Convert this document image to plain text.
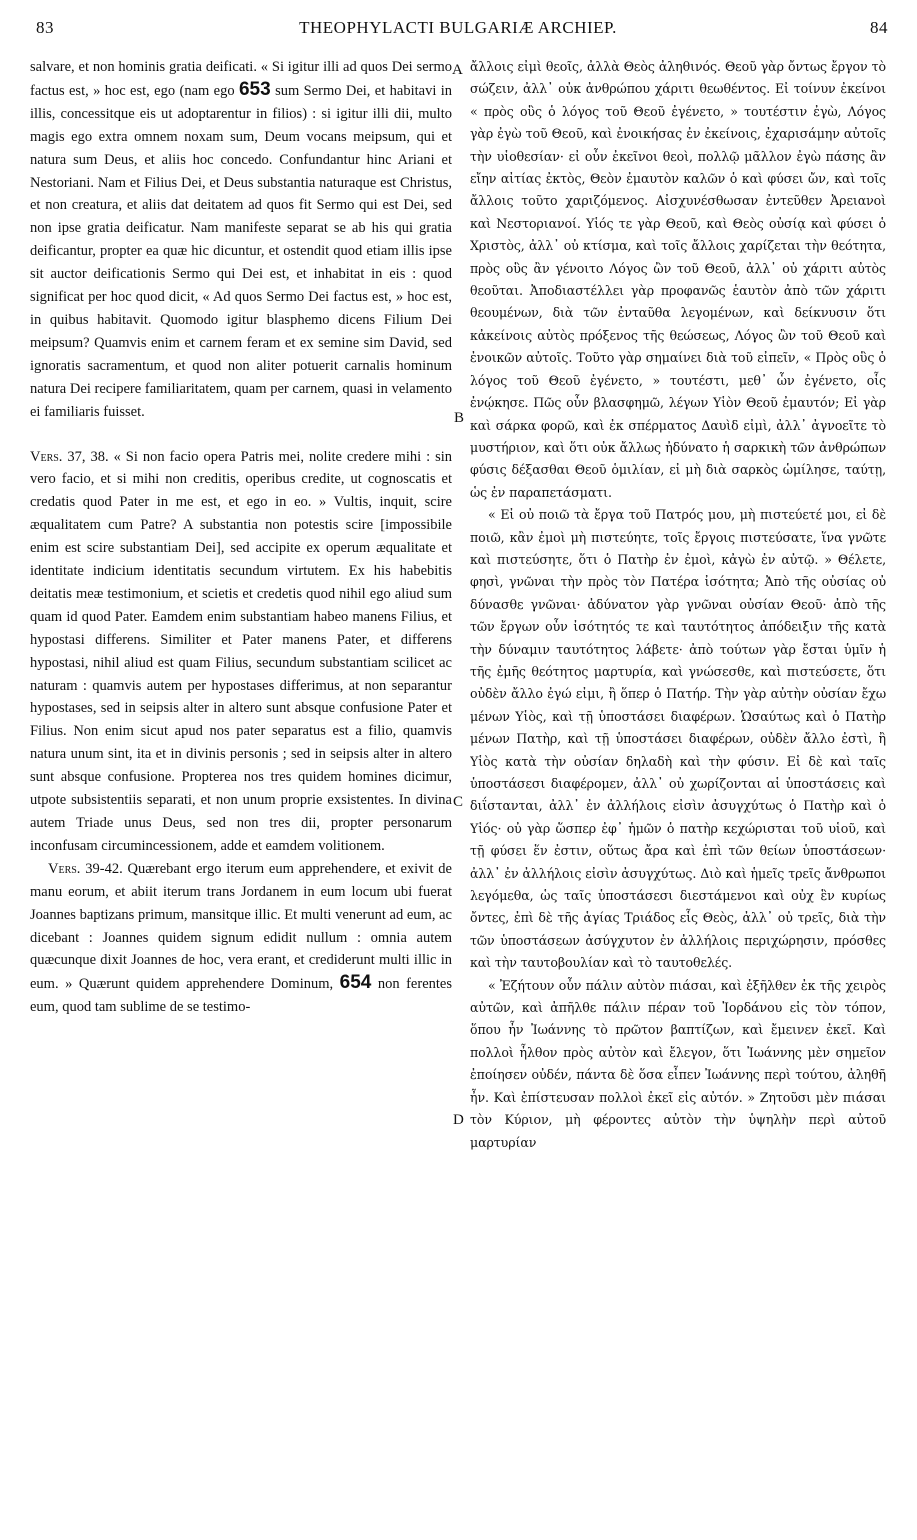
83	THEOPHYLACTI BULGARIÆ ARCHIEP.	84
A
B
C
D

salvare, et non hominis gratia deificati. « Si igitur illi ad quos Dei sermo factus est, » hoc est, ego (nam ego 653 sum Sermo Dei, et habitavi in illis, concessitque eis ut adoptarentur in filios) : si igitur illi dii, multo magis ego extra omnem noxam sum, Deum vocans meipsum, qui et natura sum Deus, et aliis hoc concedo. Confundantur hinc Ariani et Nestoriani. Nam et Filius Dei, et Deus substantia naturaque est Christus, et non creatura, et aliis dat deitatem ad quos fit Sermo qui est Dei, sed non ipse gratia deificatur. Nam manifeste separat se ab his qui gratia deificantur, propter ea quæ hic dicuntur, et ostendit quod etiam illis ipse sit auctor deificationis Sermo qui Dei est, et inhabitat in eis : quod significat per hoc quod dicit, « Ad quos Sermo Dei factus est, » hoc est, in quibus habitavit. Quomodo igitur blasphemo dicens Filium Dei meipsum? Quamvis enim et carnem feram et ex semine sim David, sed ignoratis sacramentum, et quod non aliter potuerit carnalis hominum natura Dei recipere familiaritatem, quam per carnem, quasi in velamento ei familiaris fuisset.

Vers. 37, 38. « Si non facio opera Patris mei, nolite credere mihi : sin vero facio, et si mihi non creditis, operibus credite, ut cognoscatis et credatis quod Pater in me est, et ego in eo. » Vultis, inquit, scire æqualitatem cum Patre? A substantia non potestis scire [impossibile enim est scire substantiam Dei], sed accipite ex operum æqualitate et identitate indicium identitatis secundum virtutem. Ex his habebitis deitatis meæ testimonium, et scietis et credetis quod nihil ego aliud sum quam id quod Pater. Eamdem enim substantiam habeo manens Filius, et hypostasi differens. Similiter et Pater manens Pater, et differens hypostasi, nihil aliud est quam Filius, secundum substantiam scilicet ac naturam : quamvis autem per hypostases differimus, at non separantur hypostases, sed in seipsis alter in altero sunt absque confusione Pater et Filius. Non enim sicut apud nos pater separatus est a filio, quamvis natura unum sint, ita et in divinis personis ; sed in seipsis alter in altero sunt absque confusione. Propterea nos tres quidem homines dicimur, utpote subsistentiis separati, et non unum proprie exsistentes. In divina autem Triade unus Deus, sed non tres dii, propter personarum inconfusam circumincessionem, adde et eamdem volitionem.

Vers. 39-42. Quærebant ergo iterum eum apprehendere, et exivit de manu eorum, et abiit iterum trans Jordanem in eum locum ubi fuerat Joannes baptizans primum, mansitque illic. Et multi venerunt ad eum, ac dicebant : Joannes quidem signum edidit nullum : omnia autem quæcunque dixit Joannes de hoc, vera erant, et crediderunt multi illic in eum. » Quærunt quidem apprehendere Dominum, 654 non ferentes eum, quod tam sublime de se testimo-

ἄλλοις εἰμὶ θεοῖς, ἀλλὰ Θεὸς ἀληθινός. Θεοῦ γὰρ ὄντως ἔργον τὸ σώζειν, ἀλλ᾽ οὐκ ἀνθρώπου χάριτι θεωθέντος. Εἰ τοίνυν ἐκείνοι « πρὸς οὓς ὁ λόγος τοῦ Θεοῦ ἐγένετο, » τουτέστιν ἐγὼ, Λόγος γὰρ ἐγὼ τοῦ Θεοῦ, καὶ ἐνοικήσας ἐν ἐκείνοις, ἐχαρισάμην αὐτοῖς τὴν υἱοθεσίαν· εἰ οὖν ἐκεῖνοι θεοὶ, πολλῷ μᾶλλον ἐγὼ πάσης ἂν εἴην αἰτίας ἐκτὸς, Θεὸν ἐμαυτὸν καλῶν ὁ καὶ φύσει ὤν, καὶ τοῖς ἄλλοις τοῦτο χαριζόμενος. Αἰσχυνέσθωσαν ἐντεῦθεν Ἀρειανοὶ καὶ Νεστοριανοί. Υἱός τε γὰρ Θεοῦ, καὶ Θεὸς οὐσίᾳ καὶ φύσει ὁ Χριστὸς, ἀλλ᾽ οὐ κτίσμα, καὶ τοῖς ἄλλοις χαρίζεται τὴν θεότητα, πρὸς οὓς ἂν γένοιτο Λόγος ὢν τοῦ Θεοῦ, ἀλλ᾽ οὐ χάριτι αὐτὸς θεοῦται. Ἀποδιαστέλλει γὰρ προφανῶς ἑαυτὸν ἀπὸ τῶν χάριτι θεουμένων, διὰ τῶν ἐνταῦθα λεγομένων, καὶ δείκνυσιν ὅτι κἀκείνοις αὐτὸς πρόξενος τῆς θεώσεως, Λόγος ὢν τοῦ Θεοῦ καὶ ἐνοικῶν αὐτοῖς. Τοῦτο γὰρ σημαίνει διὰ τοῦ εἰπεῖν, « Πρὸς οὓς ὁ λόγος τοῦ Θεοῦ ἐγένετο, » τουτέστι, μεθ᾽ ὧν ἐγένετο, οἷς ἐνῴκησε. Πῶς οὖν βλασφημῶ, λέγων Υἱὸν Θεοῦ ἐμαυτόν; Εἰ γὰρ καὶ σάρκα φορῶ, καὶ ἐκ σπέρματος Δαυὶδ εἰμὶ, ἀλλ᾽ ἀγνοεῖτε τὸ μυστήριον, καὶ ὅτι οὐκ ἄλλως ἠδύνατο ἡ σαρκικὴ τῶν ἀνθρώπων φύσις δέξασθαι Θεοῦ ὁμιλίαν, εἰ μὴ διὰ σαρκὸς ὡμίλησε, ταύτῃ, ὡς ἐν παραπετάσματι.

« Εἰ οὐ ποιῶ τὰ ἔργα τοῦ Πατρός μου, μὴ πιστεύετέ μοι, εἰ δὲ ποιῶ, κἂν ἐμοὶ μὴ πιστεύητε, τοῖς ἔργοις πιστεύσατε, ἵνα γνῶτε καὶ πιστεύσητε, ὅτι ὁ Πατὴρ ἐν ἐμοὶ, κἀγὼ ἐν αὐτῷ. » Θέλετε, φησὶ, γνῶναι τὴν πρὸς τὸν Πατέρα ἰσότητα; Ἀπὸ τῆς οὐσίας οὐ δύνασθε γνῶναι· ἀδύνατον γὰρ γνῶναι οὐσίαν Θεοῦ· ἀπὸ τῆς τῶν ἔργων οὖν ἰσότητός τε καὶ ταυτότητος ἀπόδειξιν τῆς κατὰ τὴν δύναμιν ταυτότητος λάβετε· ἀπὸ τούτων γὰρ ἔσται ὑμῖν ἡ τῆς ἐμῆς θεότητος μαρτυρία, καὶ γνώσεσθε, καὶ πιστεύσετε, ὅτι οὐδὲν ἄλλο ἐγώ εἰμι, ἢ ὅπερ ὁ Πατήρ. Τὴν γὰρ αὐτὴν οὐσίαν ἔχω μένων Υἱὸς, καὶ τῇ ὑποστάσει διαφέρων. Ὡσαύτως καὶ ὁ Πατὴρ μένων Πατὴρ, καὶ τῇ ὑποστάσει διαφέρων, οὐδὲν ἄλλο ἐστὶ, ἢ Υἱὸς κατὰ τὴν οὐσίαν δηλαδὴ καὶ τὴν φύσιν. Εἰ δὲ καὶ ταῖς ὑποστάσεσι διαφέρομεν, ἀλλ᾽ οὐ χωρίζονται αἱ ὑποστάσεις καὶ διΐστανται, ἀλλ᾽ ἐν ἀλλήλοις εἰσὶν ἀσυγχύτως ὁ Πατὴρ καὶ ὁ Υἱός· οὐ γὰρ ὥσπερ ἐφ᾽ ἡμῶν ὁ πατὴρ κεχώρισται τοῦ υἱοῦ, καὶ τῇ φύσει ἕν ἐστιν, οὕτως ἄρα καὶ ἐπὶ τῶν θείων ὑποστάσεων· ἀλλ᾽ ἐν ἀλλήλοις εἰσὶν ἀσυγχύτως. Διὸ καὶ ἡμεῖς τρεῖς ἄνθρωποι λεγόμεθα, ὡς ταῖς ὑποστάσεσι διεστάμενοι καὶ οὐχ ἓν κυρίως ὄντες, ἐπὶ δὲ τῆς ἁγίας Τριάδος εἷς Θεὸς, ἀλλ᾽ οὐ τρεῖς, διὰ τὴν τῶν ὑποστάσεων ἀσύγχυτον ἐν ἀλλήλοις περιχώρησιν, πρόσθες καὶ τὴν ταυτοβουλίαν καὶ τὸ ταυτοθελές.

« Ἐζήτουν οὖν πάλιν αὐτὸν πιάσαι, καὶ ἐξῆλθεν ἐκ τῆς χειρὸς αὐτῶν, καὶ ἀπῆλθε πάλιν πέραν τοῦ Ἰορδάνου εἰς τὸν τόπον, ὅπου ἦν Ἰωάννης τὸ πρῶτον βαπτίζων, καὶ ἔμεινεν ἐκεῖ. Καὶ πολλοὶ ἦλθον πρὸς αὐτὸν καὶ ἔλεγον, ὅτι Ἰωάννης μὲν σημεῖον ἐποίησεν οὐδέν, πάντα δὲ ὅσα εἶπεν Ἰωάννης περὶ τούτου, ἀληθῆ ἦν. Καὶ ἐπίστευσαν πολλοὶ ἐκεῖ εἰς αὐτόν. » Ζητοῦσι μὲν πιάσαι τὸν Κύριον, μὴ φέροντες αὐτὸν τὴν ὑψηλὴν περὶ αὐτοῦ μαρτυρίαν
